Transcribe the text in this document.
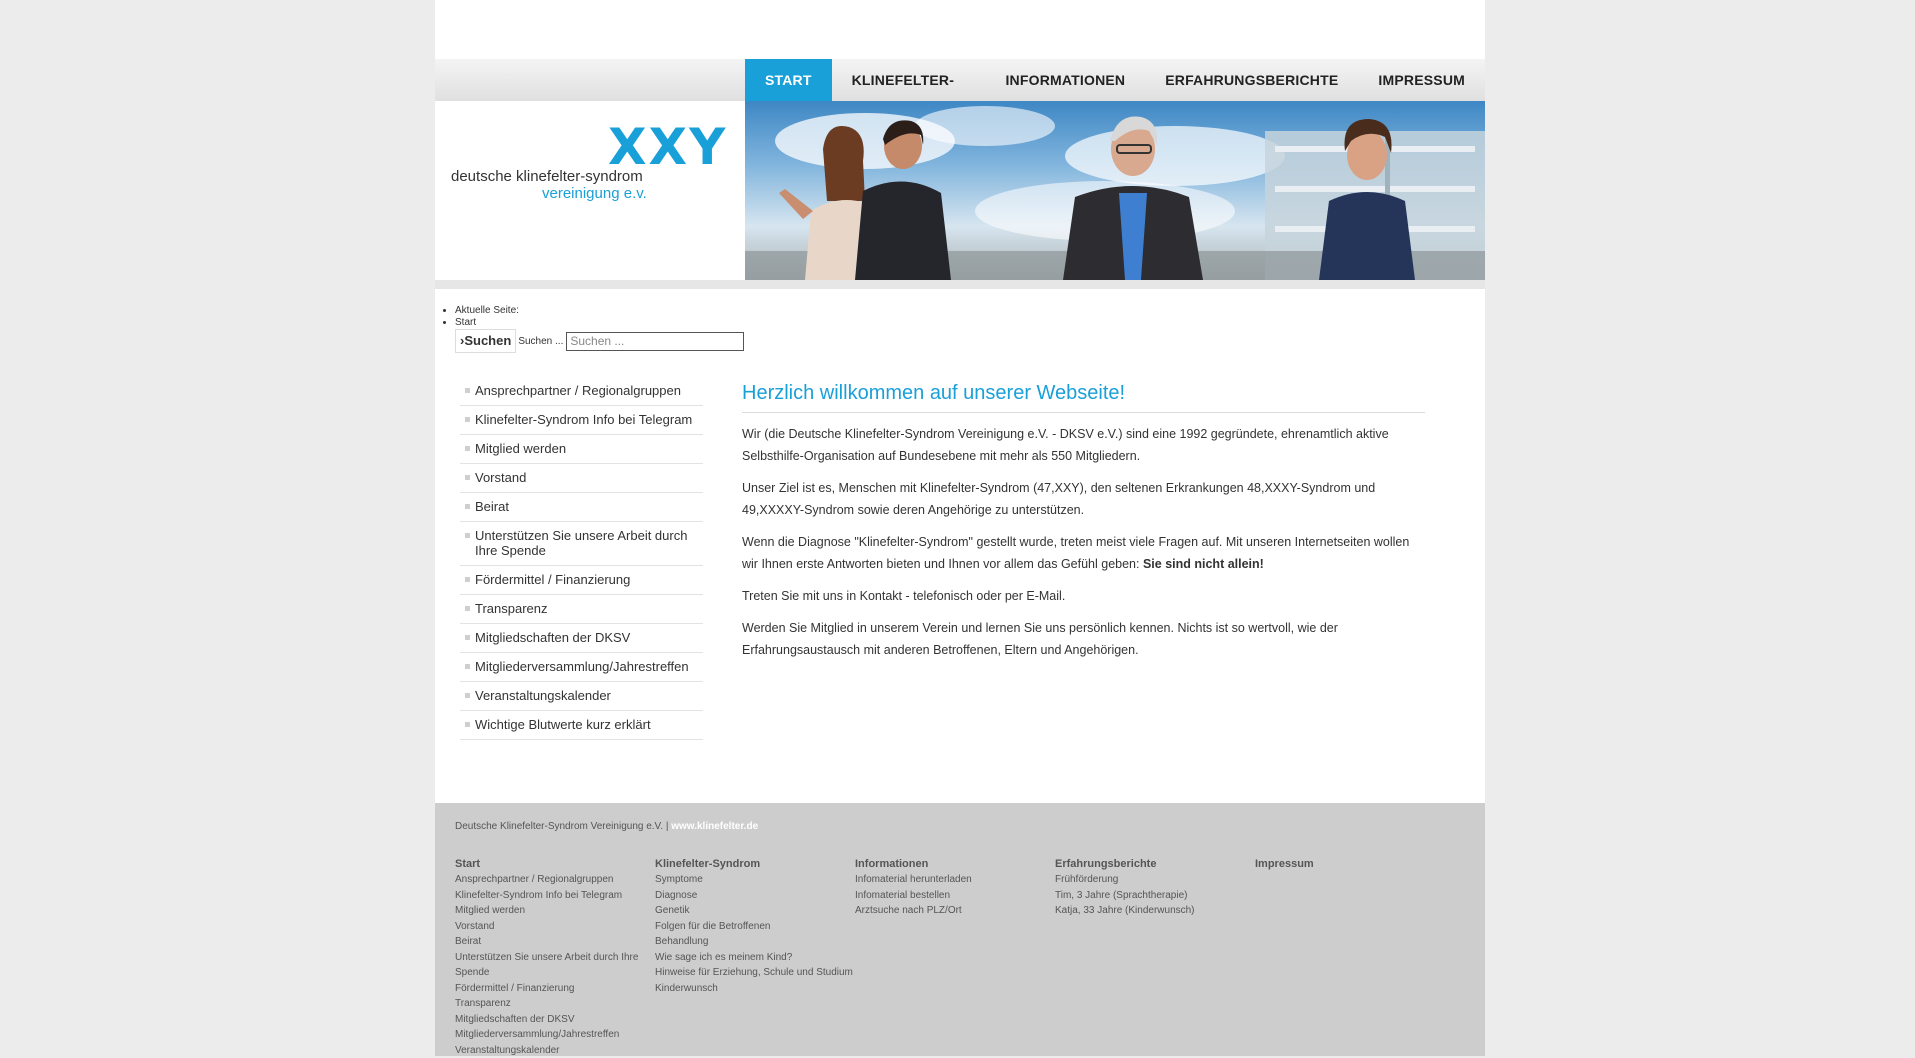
START	KLINEFELTER-	INFORMATIONEN	ERFAHRUNGSBERICHTE	IMPRESSUM
XXY
deutsche klinefelter-syndrom
vereinigung e.v.
• Aktuelle Seite:
• Start
›Suchen Suchen ...
Suchen ...
Ansprechpartner / Regionalgruppen
Klinefelter-Syndrom Info bei Telegram
Mitglied werden
Vorstand
Beirat
Unterstützen Sie unsere Arbeit durch Ihre Spende
Fördermittel / Finanzierung
Transparenz
Mitgliedschaften der DKSV
Mitgliederversammlung/Jahrestreffen
Veranstaltungskalender
Wichtige Blutwerte kurz erklärt
Herzlich willkommen auf unserer Webseite!

Wir (die Deutsche Klinefelter-Syndrom Vereinigung e.V. - DKSV e.V.) sind eine 1992 gegründete, ehrenamtlich aktive Selbsthilfe-Organisation auf Bundesebene mit mehr als 550 Mitgliedern.

Unser Ziel ist es, Menschen mit Klinefelter-Syndrom (47,XXY), den seltenen Erkrankungen 48,XXXY-Syndrom und 49,XXXXY-Syndrom sowie deren Angehörige zu unterstützen.

Wenn die Diagnose "Klinefelter-Syndrom" gestellt wurde, treten meist viele Fragen auf. Mit unseren Internetseiten wollen wir Ihnen erste Antworten bieten und Ihnen vor allem das Gefühl geben: Sie sind nicht allein!

Treten Sie mit uns in Kontakt - telefonisch oder per E-Mail.

Werden Sie Mitglied in unserem Verein und lernen Sie uns persönlich kennen. Nichts ist so wertvoll, wie der Erfahrungsaustausch mit anderen Betroffenen, Eltern und Angehörigen.

Deutsche Klinefelter-Syndrom Vereinigung e.V. | www.klinefelter.de
Start
Ansprechpartner / Regionalgruppen
Klinefelter-Syndrom Info bei Telegram
Mitglied werden
Vorstand
Beirat
Unterstützen Sie unsere Arbeit durch Ihre Spende
Fördermittel / Finanzierung
Transparenz
Mitgliedschaften der DKSV
Mitgliederversammlung/Jahrestreffen
Veranstaltungskalender
Klinefelter-Syndrom
Symptome
Diagnose
Genetik
Folgen für die Betroffenen
Behandlung
Wie sage ich es meinem Kind?
Hinweise für Erziehung, Schule und Studium
Kinderwunsch
Informationen
Infomaterial herunterladen
Infomaterial bestellen
Arztsuche nach PLZ/Ort
Erfahrungsberichte
Frühförderung
Tim, 3 Jahre (Sprachtherapie)
Katja, 33 Jahre (Kinderwunsch)
Impressum
